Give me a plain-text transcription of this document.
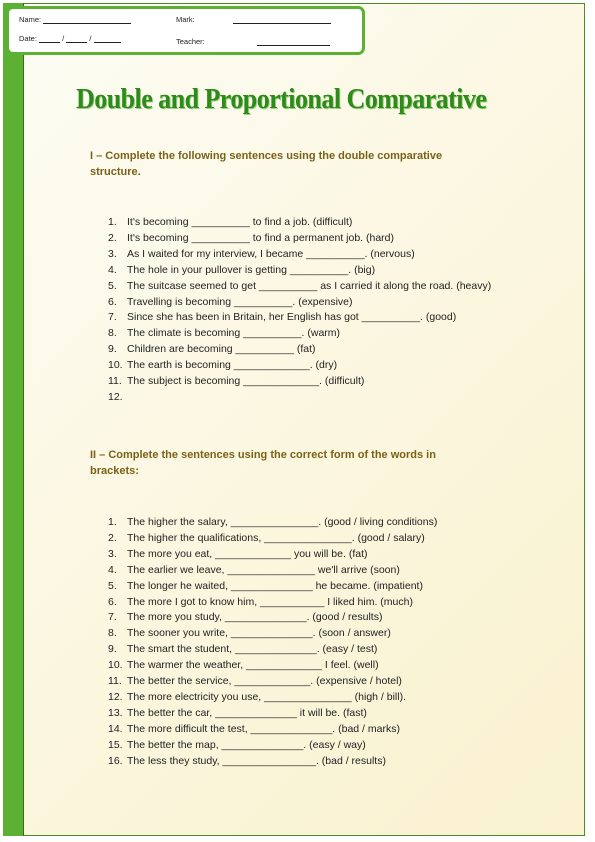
Name:
Date:	/	/
Mark:
Teacher:
Double and Proportional Comparative

I – Complete the following sentences using the double comparative structure.

1. It's becoming __________ to find a job. (difficult)
2. It's becoming __________ to find a permanent job. (hard)
3. As I waited for my interview, I became __________. (nervous)
4. The hole in your pullover is getting __________. (big)
5. The suitcase seemed to get __________ as I carried it along the road. (heavy)
6. Travelling is becoming __________. (expensive)
7. Since she has been in Britain, her English has got __________. (good)
8. The climate is becoming __________. (warm)
9. Children are becoming __________ (fat)
10. The earth is becoming _____________. (dry)
11. The subject is becoming _____________. (difficult)
12.

II – Complete the sentences using the correct form of the words in brackets:

1. The higher the salary, _______________. (good / living conditions)
2. The higher the qualifications, _______________. (good / salary)
3. The more you eat, _____________ you will be. (fat)
4. The earlier we leave, _______________ we'll arrive (soon)
5. The longer he waited, ______________ he became. (impatient)
6. The more I got to know him, ___________ I liked him. (much)
7. The more you study, ______________. (good / results)
8. The sooner you write, ______________. (soon / answer)
9. The smart the student, ______________. (easy / test)
10. The warmer the weather, _____________ I feel. (well)
11. The better the service, _____________. (expensive / hotel)
12. The more electricity you use, _______________ (high / bill).
13. The better the car, ______________ it will be. (fast)
14. The more difficult the test, ______________. (bad / marks)
15. The better the map, ______________. (easy / way)
16. The less they study, ________________. (bad / results)
